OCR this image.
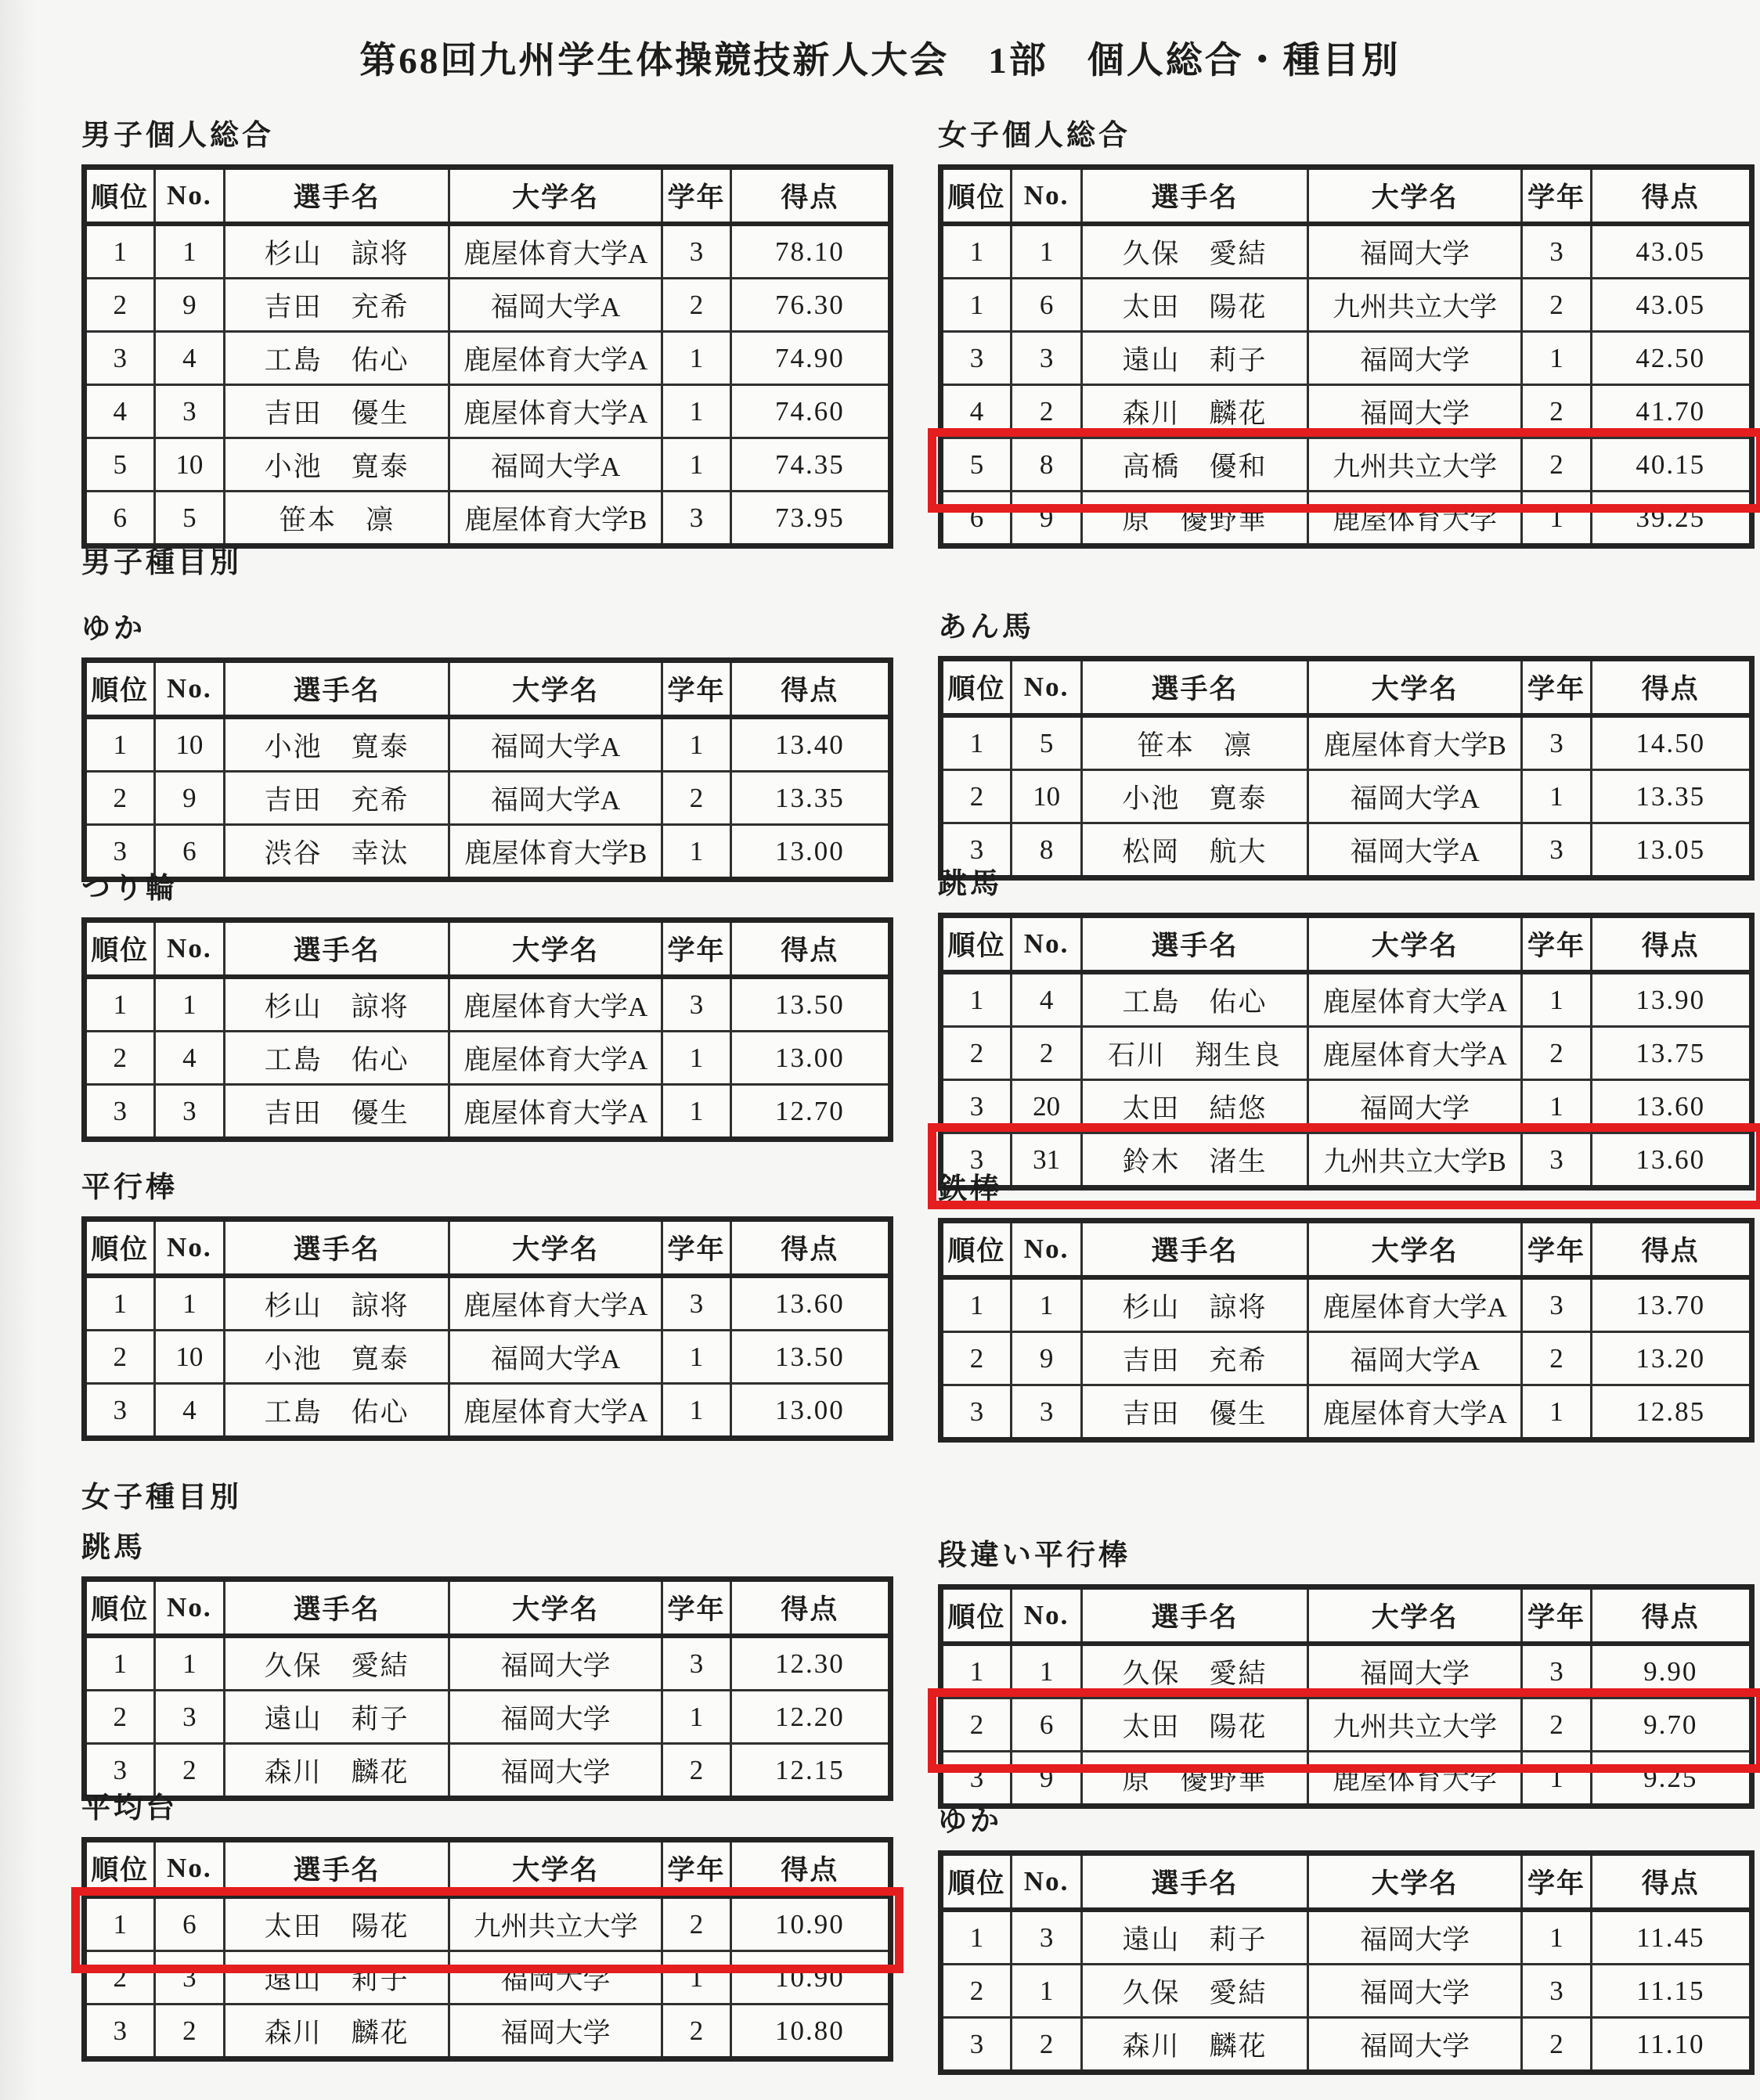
第68回九州学生体操競技新人大会　1部　個人総合・種目別
男子個人総合
順位	No.	選手名	大学名	学年	得点
1	1	杉山　諒将	鹿屋体育大学A	3	78.10
2	9	吉田　充希	福岡大学A	2	76.30
3	4	工島　佑心	鹿屋体育大学A	1	74.90
4	3	吉田　優生	鹿屋体育大学A	1	74.60
5	10	小池　寛泰	福岡大学A	1	74.35
6	5	笹本　凛	鹿屋体育大学B	3	73.95
男子種目別
ゆか
順位	No.	選手名	大学名	学年	得点
1	10	小池　寛泰	福岡大学A	1	13.40
2	9	吉田　充希	福岡大学A	2	13.35
3	6	渋谷　幸汰	鹿屋体育大学B	1	13.00
つり輪
順位	No.	選手名	大学名	学年	得点
1	1	杉山　諒将	鹿屋体育大学A	3	13.50
2	4	工島　佑心	鹿屋体育大学A	1	13.00
3	3	吉田　優生	鹿屋体育大学A	1	12.70
平行棒
順位	No.	選手名	大学名	学年	得点
1	1	杉山　諒将	鹿屋体育大学A	3	13.60
2	10	小池　寛泰	福岡大学A	1	13.50
3	4	工島　佑心	鹿屋体育大学A	1	13.00
女子種目別
跳馬
順位	No.	選手名	大学名	学年	得点
1	1	久保　愛結	福岡大学	3	12.30
2	3	遠山　莉子	福岡大学	1	12.20
3	2	森川　麟花	福岡大学	2	12.15
平均台
順位	No.	選手名	大学名	学年	得点
1	6	太田　陽花	九州共立大学	2	10.90
2	3	遠山　莉子	福岡大学	1	10.90
3	2	森川　麟花	福岡大学	2	10.80
女子個人総合
順位	No.	選手名	大学名	学年	得点
1	1	久保　愛結	福岡大学	3	43.05
1	6	太田　陽花	九州共立大学	2	43.05
3	3	遠山　莉子	福岡大学	1	42.50
4	2	森川　麟花	福岡大学	2	41.70
5	8	高橋　優和	九州共立大学	2	40.15
6	9	原　優野華	鹿屋体育大学	1	39.25
あん馬
順位	No.	選手名	大学名	学年	得点
1	5	笹本　凛	鹿屋体育大学B	3	14.50
2	10	小池　寛泰	福岡大学A	1	13.35
3	8	松岡　航大	福岡大学A	3	13.05
跳馬
順位	No.	選手名	大学名	学年	得点
1	4	工島　佑心	鹿屋体育大学A	1	13.90
2	2	石川　翔生良	鹿屋体育大学A	2	13.75
3	20	太田　結悠	福岡大学	1	13.60
3	31	鈴木　渚生	九州共立大学B	3	13.60
鉄棒
順位	No.	選手名	大学名	学年	得点
1	1	杉山　諒将	鹿屋体育大学A	3	13.70
2	9	吉田　充希	福岡大学A	2	13.20
3	3	吉田　優生	鹿屋体育大学A	1	12.85
段違い平行棒
順位	No.	選手名	大学名	学年	得点
1	1	久保　愛結	福岡大学	3	9.90
2	6	太田　陽花	九州共立大学	2	9.70
3	9	原　優野華	鹿屋体育大学	1	9.25
ゆか
順位	No.	選手名	大学名	学年	得点
1	3	遠山　莉子	福岡大学	1	11.45
2	1	久保　愛結	福岡大学	3	11.15
3	2	森川　麟花	福岡大学	2	11.10
